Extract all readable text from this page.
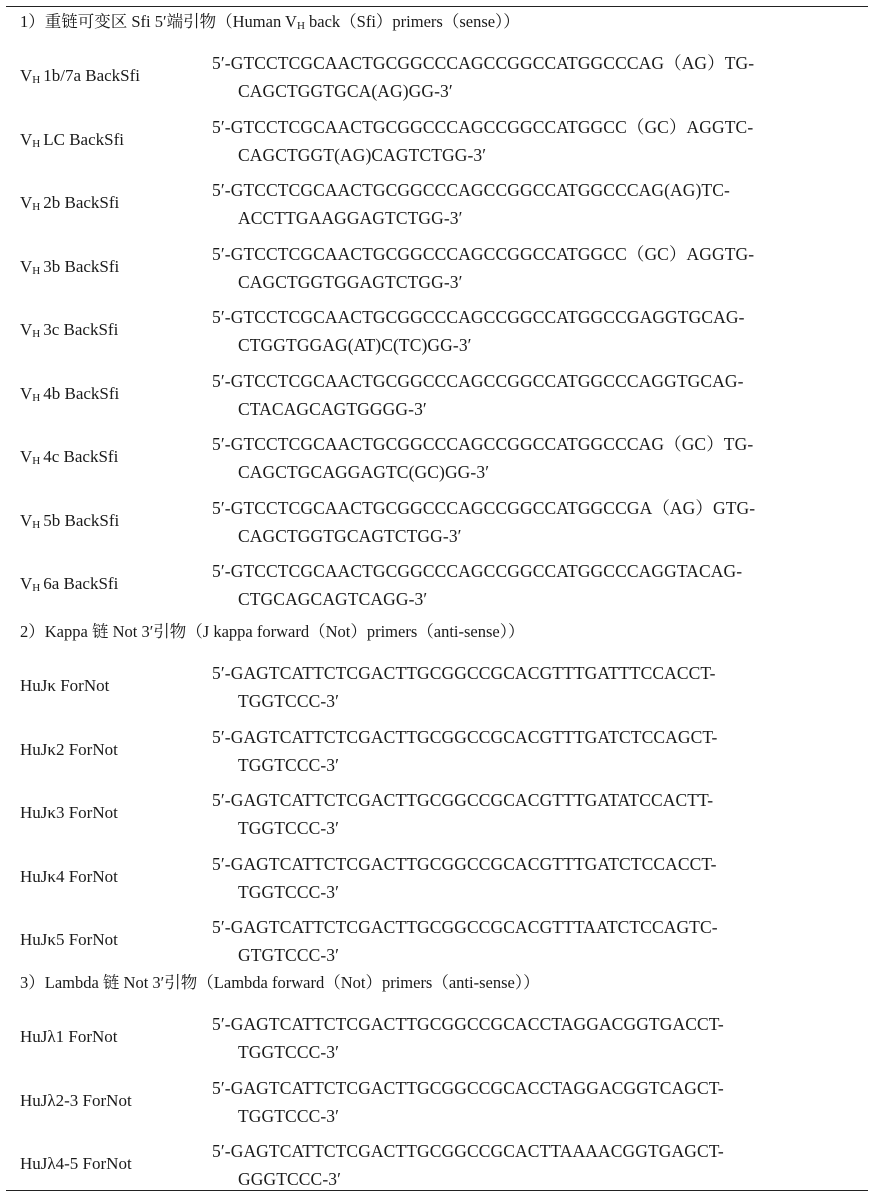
1）重链可变区 Sfi 5′端引物（Human $V_H$ back（Sfi）primers（sense））
$V_H$ 1b/7a BackSfi
5′-GTCCTCGCAACTGCGGCCCAGCCGGCCATGGCCCAG（AG）TG-
CAGCTGGTGCA(AG)GG-3′
$V_H$ LC BackSfi
5′-GTCCTCGCAACTGCGGCCCAGCCGGCCATGGCC（GC）AGGTC-
CAGCTGGT(AG)CAGTCTGG-3′
$V_H$ 2b BackSfi
5′-GTCCTCGCAACTGCGGCCCAGCCGGCCATGGCCCAG(AG)TC-
ACCTTGAAGGAGTCTGG-3′
$V_H$ 3b BackSfi
5′-GTCCTCGCAACTGCGGCCCAGCCGGCCATGGCC（GC）AGGTG-
CAGCTGGTGGAGTCTGG-3′
$V_H$ 3c BackSfi
5′-GTCCTCGCAACTGCGGCCCAGCCGGCCATGGCCGAGGTGCAG-
CTGGTGGAG(AT)C(TC)GG-3′
$V_H$ 4b BackSfi
5′-GTCCTCGCAACTGCGGCCCAGCCGGCCATGGCCCAGGTGCAG-
CTACAGCAGTGGGG-3′
$V_H$ 4c BackSfi
5′-GTCCTCGCAACTGCGGCCCAGCCGGCCATGGCCCAG（GC）TG-
CAGCTGCAGGAGTC(GC)GG-3′
$V_H$ 5b BackSfi
5′-GTCCTCGCAACTGCGGCCCAGCCGGCCATGGCCGA（AG）GTG-
CAGCTGGTGCAGTCTGG-3′
$V_H$ 6a BackSfi
5′-GTCCTCGCAACTGCGGCCCAGCCGGCCATGGCCCAGGTACAG-
CTGCAGCAGTCAGG-3′
2）Kappa 链 Not 3′引物（J kappa forward（Not）primers（anti-sense））
HuJκ ForNot
5′-GAGTCATTCTCGACTTGCGGCCGCACGTTTGATTTCCACCT-
TGGTCCC-3′
HuJκ2 ForNot
5′-GAGTCATTCTCGACTTGCGGCCGCACGTTTGATCTCCAGCT-
TGGTCCC-3′
HuJκ3 ForNot
5′-GAGTCATTCTCGACTTGCGGCCGCACGTTTGATATCCACTT-
TGGTCCC-3′
HuJκ4 ForNot
5′-GAGTCATTCTCGACTTGCGGCCGCACGTTTGATCTCCACCT-
TGGTCCC-3′
HuJκ5 ForNot
5′-GAGTCATTCTCGACTTGCGGCCGCACGTTTAATCTCCAGTC-
GTGTCCC-3′
3）Lambda 链 Not 3′引物（Lambda forward（Not）primers（anti-sense））
HuJλ1 ForNot
5′-GAGTCATTCTCGACTTGCGGCCGCACCTAGGACGGTGACCT-
TGGTCCC-3′
HuJλ2-3 ForNot
5′-GAGTCATTCTCGACTTGCGGCCGCACCTAGGACGGTCAGCT-
TGGTCCC-3′
HuJλ4-5 ForNot
5′-GAGTCATTCTCGACTTGCGGCCGCACTTAAAACGGTGAGCT-
GGGTCCC-3′
